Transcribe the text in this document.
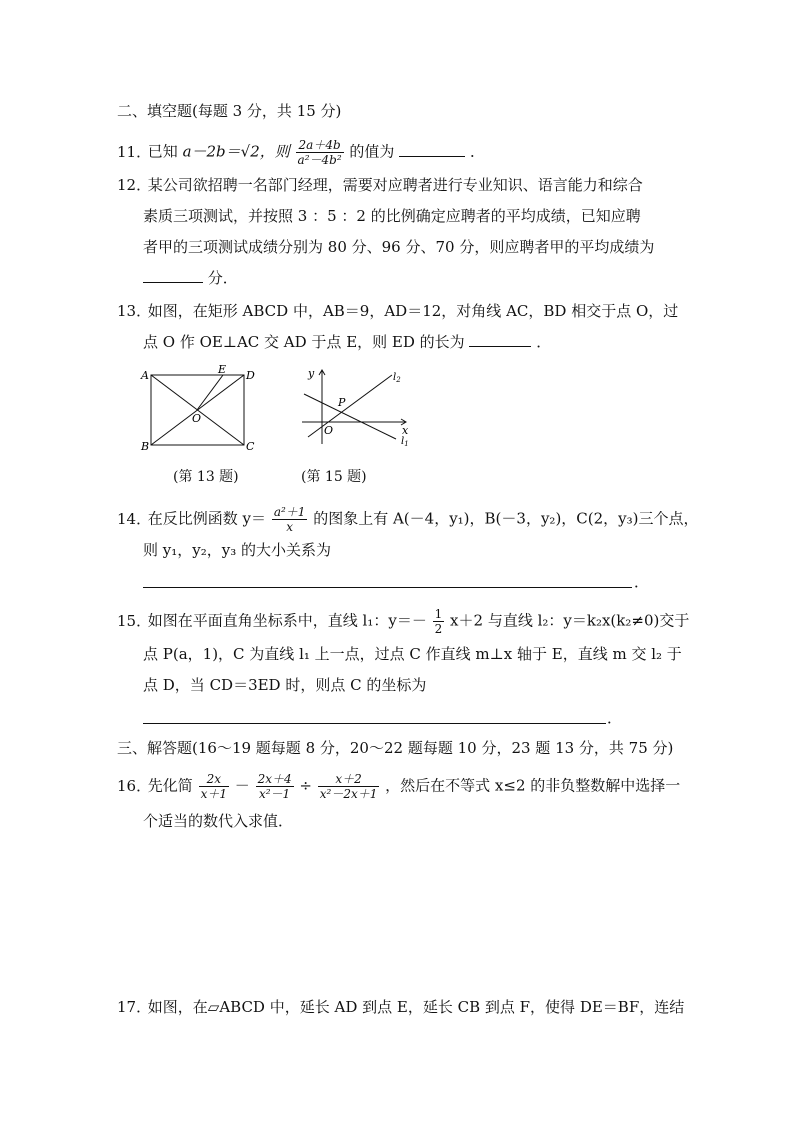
二、填空题(每题 3 分，共 15 分)
11． 已知 a－2b＝√2，则 $\frac{2a+4b}{\text{a²－4b²}}$ 的值为	．
12． 某公司欲招聘一名部门经理，需要对应聘者进行专业知识、语言能力和综合
素质三项测试，并按照 3 ：5 ：2 的比例确定应聘者的平均成绩，已知应聘
者甲的三项测试成绩分别为 80 分、96 分、70 分，则应聘者甲的平均成绩为
分．
13． 如图，在矩形 ABCD 中，AB＝9，AD＝12，对角线 AC，BD 相交于点 O，过
点 O 作 OE⊥AC 交 AD 于点 E，则 ED 的长为	．
A	D
E
B	C
O
(第 13 题)
y
x
O
P
$l_2$
$l_1$
(第 15 题)
14． 在反比例函数 $y= \frac{\text{a²＋1}}{x}$ 的图象上有 A(－4，y₁)，B(－3，y₂)，C(2，y₃)三个点，
则 y₁，y₂，y₃ 的大小关系为
．
15． 如图在平面直角坐标系中，直线 l₁：$y=- \frac{1}{2} x+2$ 与直线 l₂：y＝k₂x(k₂≠0)交于
点 P(a，1)，C 为直线 l₁ 上一点，过点 C 作直线 m⊥x 轴于 E，直线 m 交 l₂ 于
点 D，当 CD＝3ED 时，则点 C 的坐标为
．
三、解答题(16～19 题每题 8 分，20～22 题每题 10 分，23 题 13 分，共 75 分)
16． 先化简 $\frac{2x}{x+1} - \frac{2x+4}{\text{x²－1}} \div \frac{x+2}{\text{x²－2x＋1}}$ ，然后在不等式 x≤2 的非负整数解中选择一
个适当的数代入求值．
17． 如图，在▱ABCD 中，延长 AD 到点 E，延长 CB 到点 F，使得 DE＝BF，连结
